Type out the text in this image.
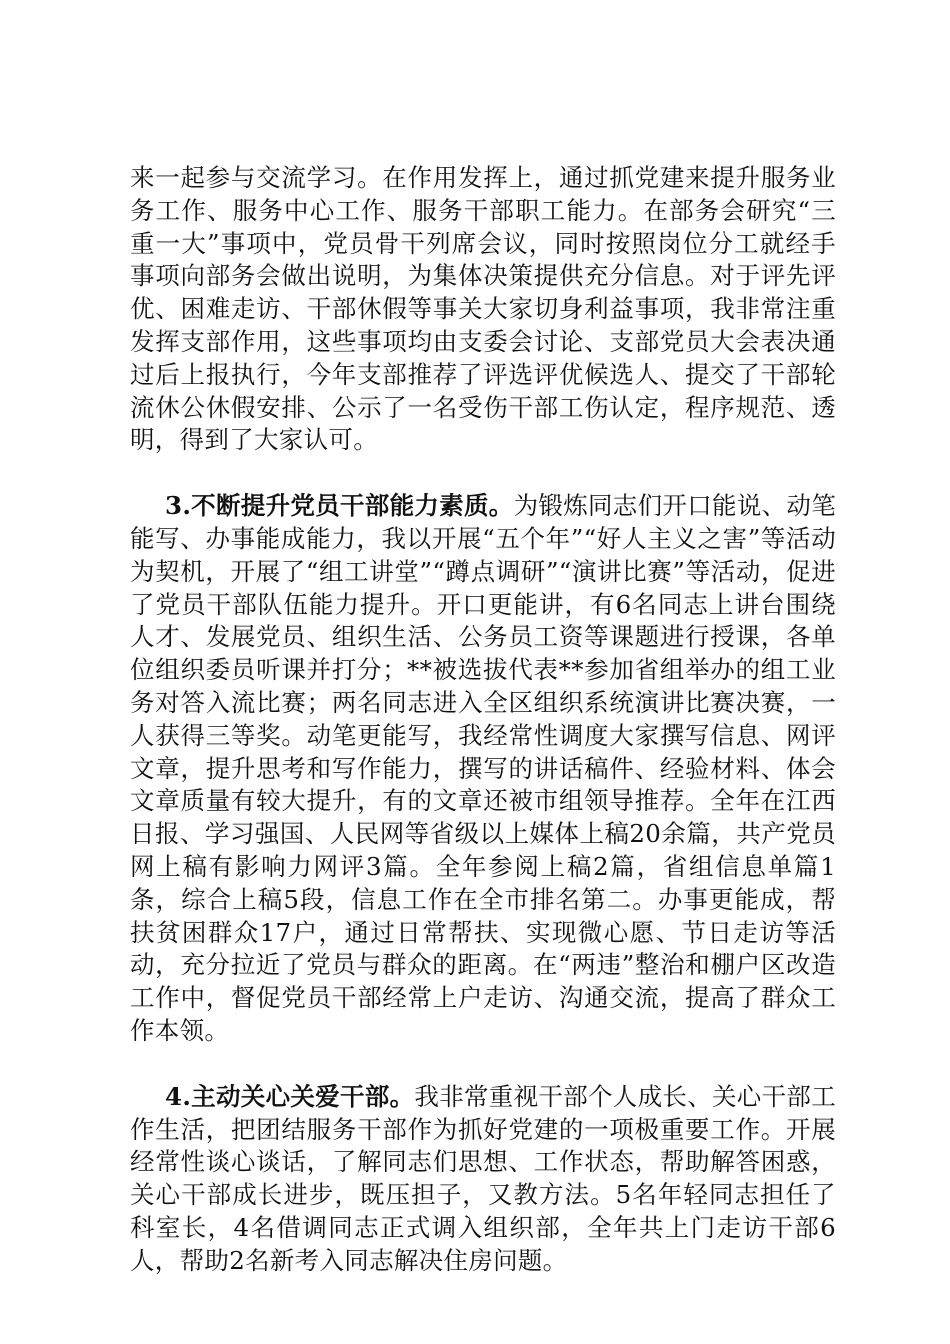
来一起参与交流学习。在作用发挥上，通过抓党建来提升服务业务工作、服务中心工作、服务干部职工能力。在部务会研究“三重一大”事项中，党员骨干列席会议，同时按照岗位分工就经手事项向部务会做出说明，为集体决策提供充分信息。对于评先评优、困难走访、干部休假等事关大家切身利益事项，我非常注重发挥支部作用，这些事项均由支委会讨论、支部党员大会表决通过后上报执行，今年支部推荐了评选评优候选人、提交了干部轮流休公休假安排、公示了一名受伤干部工伤认定，程序规范、透明，得到了大家认可。

3.不断提升党员干部能力素质。为锻炼同志们开口能说、动笔能写、办事能成能力，我以开展“五个年”“好人主义之害”等活动为契机，开展了“组工讲堂”“蹲点调研”“演讲比赛”等活动，促进了党员干部队伍能力提升。开口更能讲，有6名同志上讲台围绕人才、发展党员、组织生活、公务员工资等课题进行授课，各单位组织委员听课并打分；**被选拔代表**参加省组举办的组工业务对答入流比赛；两名同志进入全区组织系统演讲比赛决赛，一人获得三等奖。动笔更能写，我经常性调度大家撰写信息、网评文章，提升思考和写作能力，撰写的讲话稿件、经验材料、体会文章质量有较大提升，有的文章还被市组领导推荐。全年在江西日报、学习强国、人民网等省级以上媒体上稿20余篇，共产党员网上稿有影响力网评3篇。全年参阅上稿2篇，省组信息单篇1条，综合上稿5段，信息工作在全市排名第二。办事更能成，帮扶贫困群众17户，通过日常帮扶、实现微心愿、节日走访等活动，充分拉近了党员与群众的距离。在“两违”整治和棚户区改造工作中，督促党员干部经常上户走访、沟通交流，提高了群众工作本领。

4.主动关心关爱干部。我非常重视干部个人成长、关心干部工作生活，把团结服务干部作为抓好党建的一项极重要工作。开展经常性谈心谈话，了解同志们思想、工作状态，帮助解答困惑，关心干部成长进步，既压担子，又教方法。5名年轻同志担任了科室长，4名借调同志正式调入组织部，全年共上门走访干部6人，帮助2名新考入同志解决住房问题。
